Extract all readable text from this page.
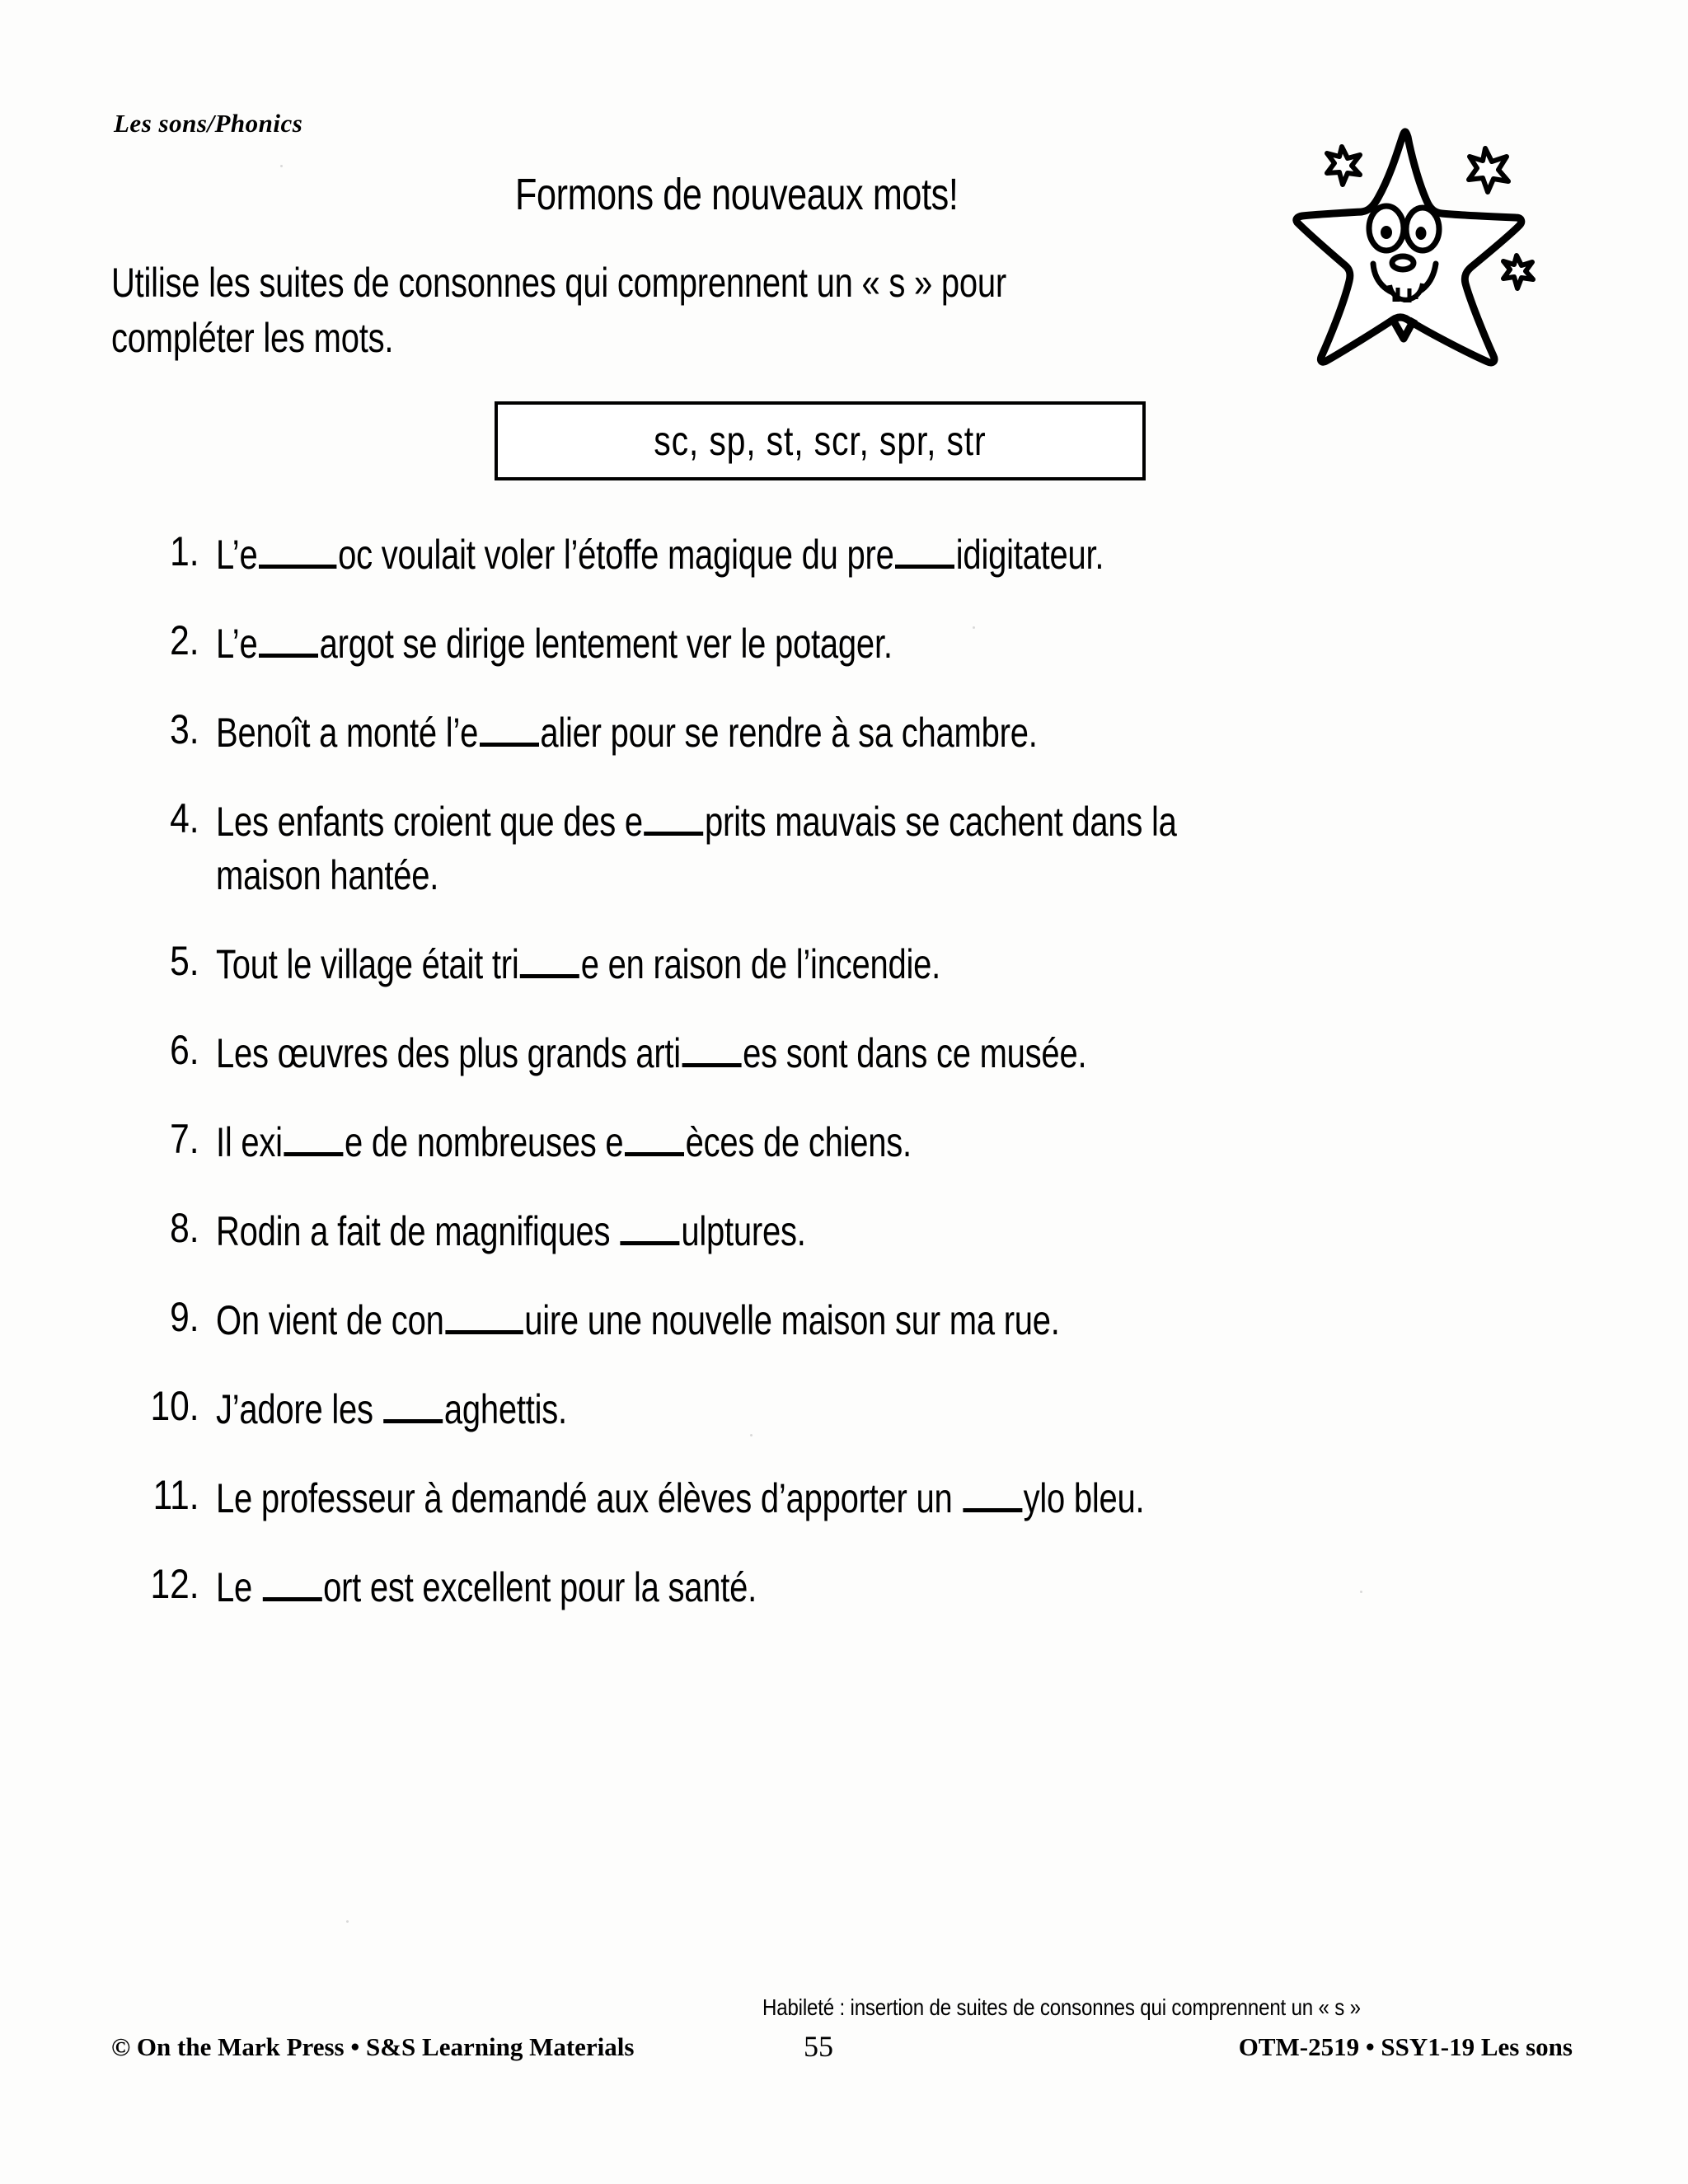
Les sons/Phonics
Formons de nouveaux mots!
Utilise les suites de consonnes qui comprennent un « s » pour
compléter les mots.
sc, sp, st, scr, spr, str
1. L’e oc voulait voler l’étoffe magique du pre idigitateur.
2. L’e argot se dirige lentement ver le potager.
3. Benoît a monté l’e alier pour se rendre à sa chambre.
4. Les enfants croient que des e prits mauvais se cachent dans la
maison hantée.
5. Tout le village était tri e en raison de l’incendie.
6. Les œuvres des plus grands arti es sont dans ce musée.
7. Il exi e de nombreuses e èces de chiens.
8. Rodin a fait de magnifiques ulptures.
9. On vient de con uire une nouvelle maison sur ma rue.
10. J’adore les aghettis.
11. Le professeur à demandé aux élèves d’apporter un ylo bleu.
12. Le ort est excellent pour la santé.
Habileté : insertion de suites de consonnes qui comprennent un « s »
© On the Mark Press • S&S Learning Materials	55	OTM-2519 • SSY1-19 Les sons
